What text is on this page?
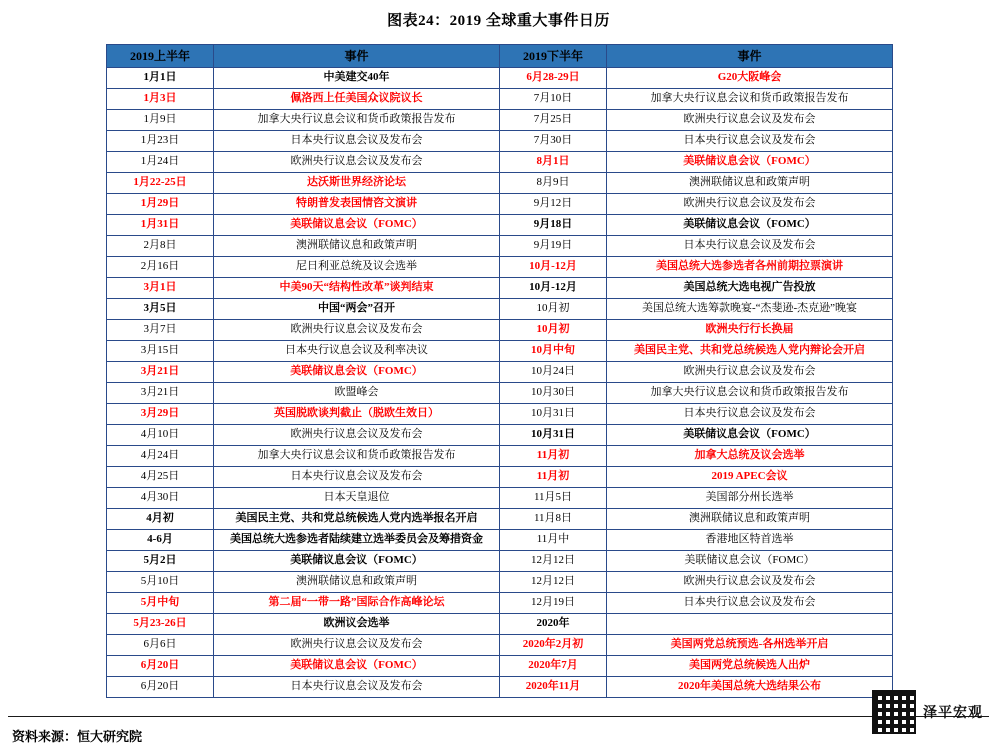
图表24：2019 全球重大事件日历
2019上半年	事件	2019下半年	事件
1月1日	中美建交40年	6月28-29日	G20大阪峰会
1月3日	佩洛西上任美国众议院议长	7月10日	加拿大央行议息会议和货币政策报告发布
1月9日	加拿大央行议息会议和货币政策报告发布	7月25日	欧洲央行议息会议及发布会
1月23日	日本央行议息会议及发布会	7月30日	日本央行议息会议及发布会
1月24日	欧洲央行议息会议及发布会	8月1日	美联储议息会议（FOMC）
1月22-25日	达沃斯世界经济论坛	8月9日	澳洲联储议息和政策声明
1月29日	特朗普发表国情咨文演讲	9月12日	欧洲央行议息会议及发布会
1月31日	美联储议息会议（FOMC）	9月18日	美联储议息会议（FOMC）
2月8日	澳洲联储议息和政策声明	9月19日	日本央行议息会议及发布会
2月16日	尼日利亚总统及议会选举	10月-12月	美国总统大选参选者各州前期拉票演讲
3月1日	中美90天“结构性改革”谈判结束	10月-12月	美国总统大选电视广告投放
3月5日	中国“两会”召开	10月初	美国总统大选筹款晚宴-“杰斐逊-杰克逊”晚宴
3月7日	欧洲央行议息会议及发布会	10月初	欧洲央行行长换届
3月15日	日本央行议息会议及利率决议	10月中旬	美国民主党、共和党总统候选人党内辩论会开启
3月21日	美联储议息会议（FOMC）	10月24日	欧洲央行议息会议及发布会
3月21日	欧盟峰会	10月30日	加拿大央行议息会议和货币政策报告发布
3月29日	英国脱欧谈判截止（脱欧生效日）	10月31日	日本央行议息会议及发布会
4月10日	欧洲央行议息会议及发布会	10月31日	美联储议息会议（FOMC）
4月24日	加拿大央行议息会议和货币政策报告发布	11月初	加拿大总统及议会选举
4月25日	日本央行议息会议及发布会	11月初	2019 APEC会议
4月30日	日本天皇退位	11月5日	美国部分州长选举
4月初	美国民主党、共和党总统候选人党内选举报名开启	11月8日	澳洲联储议息和政策声明
4-6月	美国总统大选参选者陆续建立选举委员会及筹措资金	11月中	香港地区特首选举
5月2日	美联储议息会议（FOMC）	12月12日	美联储议息会议（FOMC）
5月10日	澳洲联储议息和政策声明	12月12日	欧洲央行议息会议及发布会
5月中旬	第二届“一带一路”国际合作高峰论坛	12月19日	日本央行议息会议及发布会
5月23-26日	欧洲议会选举	2020年	
6月6日	欧洲央行议息会议及发布会	2020年2月初	美国两党总统预选-各州选举开启
6月20日	美联储议息会议（FOMC）	2020年7月	美国两党总统候选人出炉
6月20日	日本央行议息会议及发布会	2020年11月	2020年美国总统大选结果公布
资料来源：恒大研究院
泽平宏观
